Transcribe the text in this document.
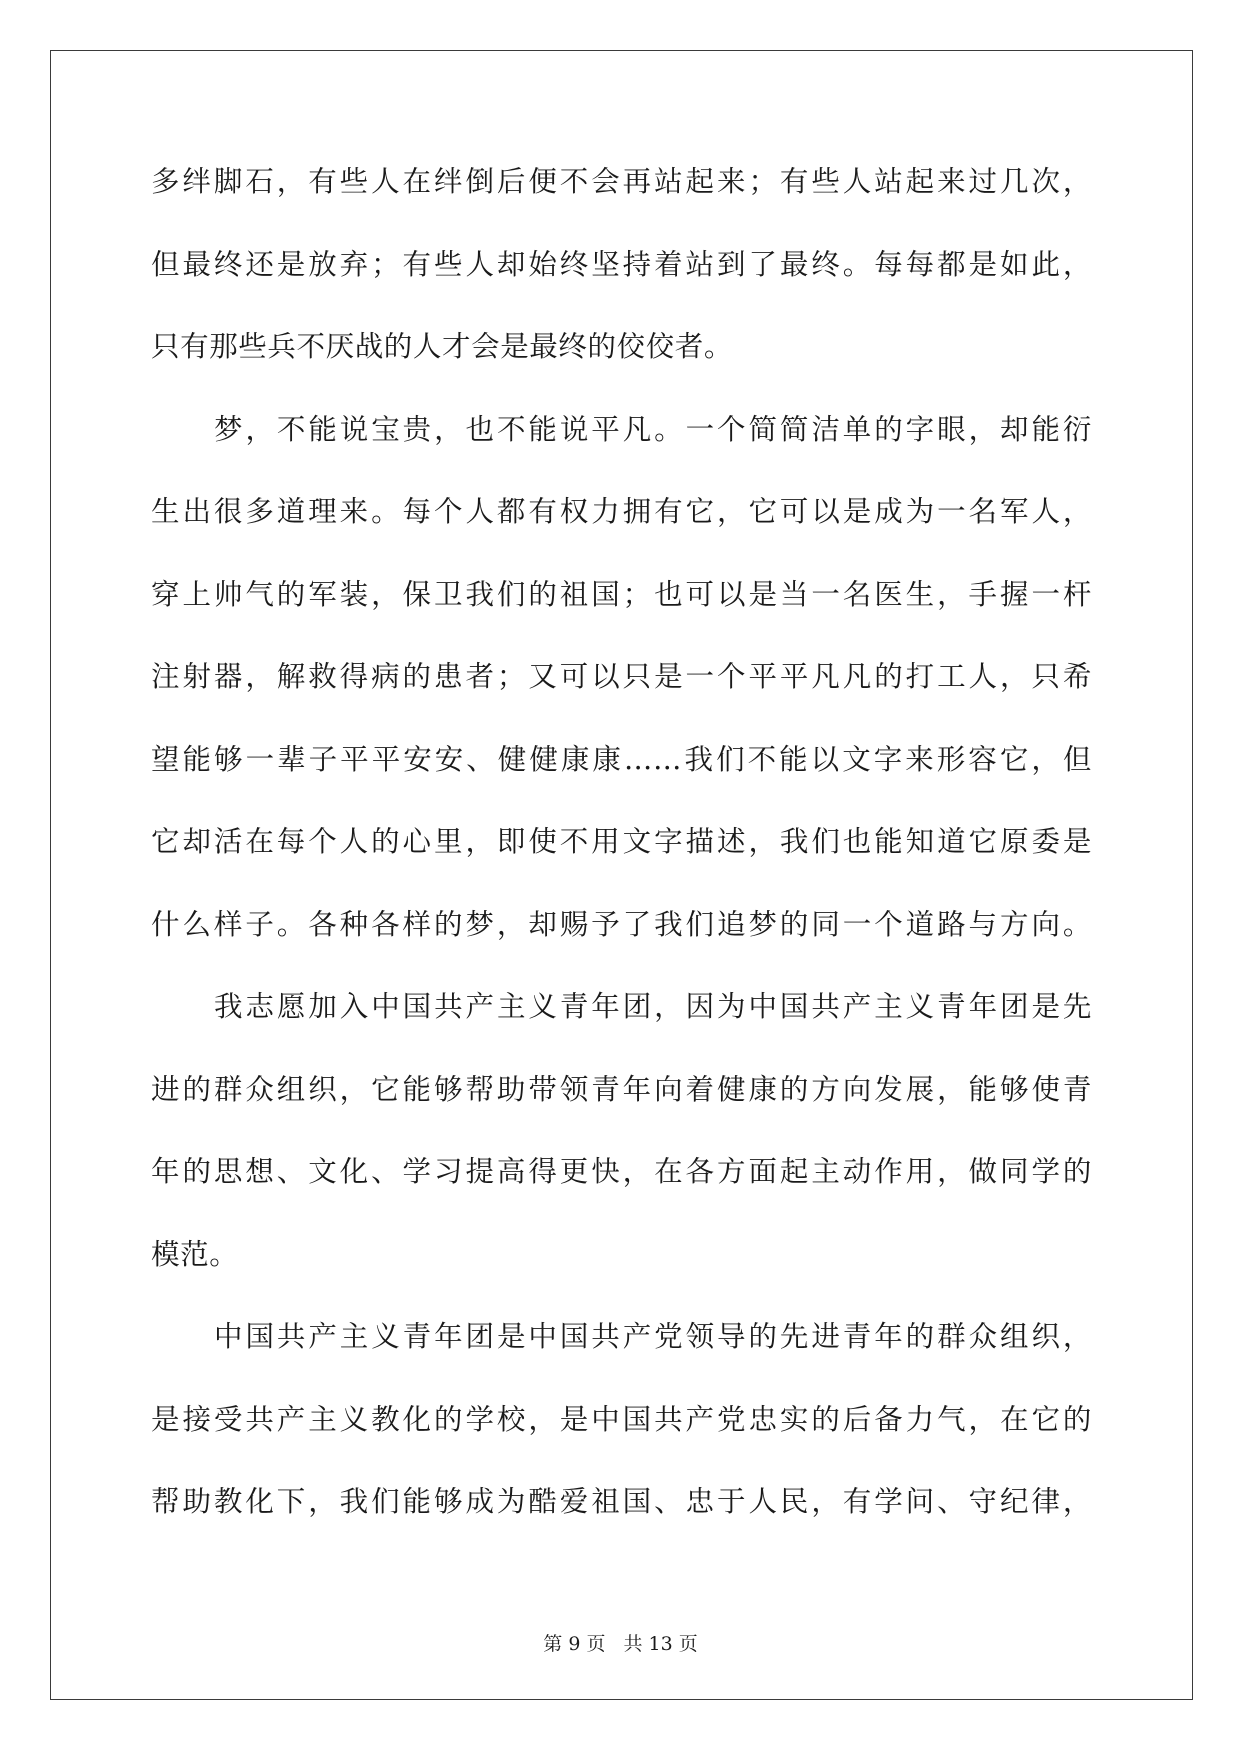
多绊脚石，有些人在绊倒后便不会再站起来；有些人站起来过几次，
但最终还是放弃；有些人却始终坚持着站到了最终。每每都是如此，
只有那些兵不厌战的人才会是最终的佼佼者。
梦，不能说宝贵，也不能说平凡。一个简简洁单的字眼，却能衍
生出很多道理来。每个人都有权力拥有它，它可以是成为一名军人，
穿上帅气的军装，保卫我们的祖国；也可以是当一名医生，手握一杆
注射器，解救得病的患者；又可以只是一个平平凡凡的打工人，只希
望能够一辈子平平安安、健健康康……我们不能以文字来形容它，但
它却活在每个人的心里，即使不用文字描述，我们也能知道它原委是
什么样子。各种各样的梦，却赐予了我们追梦的同一个道路与方向。
我志愿加入中国共产主义青年团，因为中国共产主义青年团是先
进的群众组织，它能够帮助带领青年向着健康的方向发展，能够使青
年的思想、文化、学习提高得更快，在各方面起主动作用，做同学的
模范。
中国共产主义青年团是中国共产党领导的先进青年的群众组织，
是接受共产主义教化的学校，是中国共产党忠实的后备力气，在它的
帮助教化下，我们能够成为酷爱祖国、忠于人民，有学问、守纪律，
第 9 页 共 13 页
